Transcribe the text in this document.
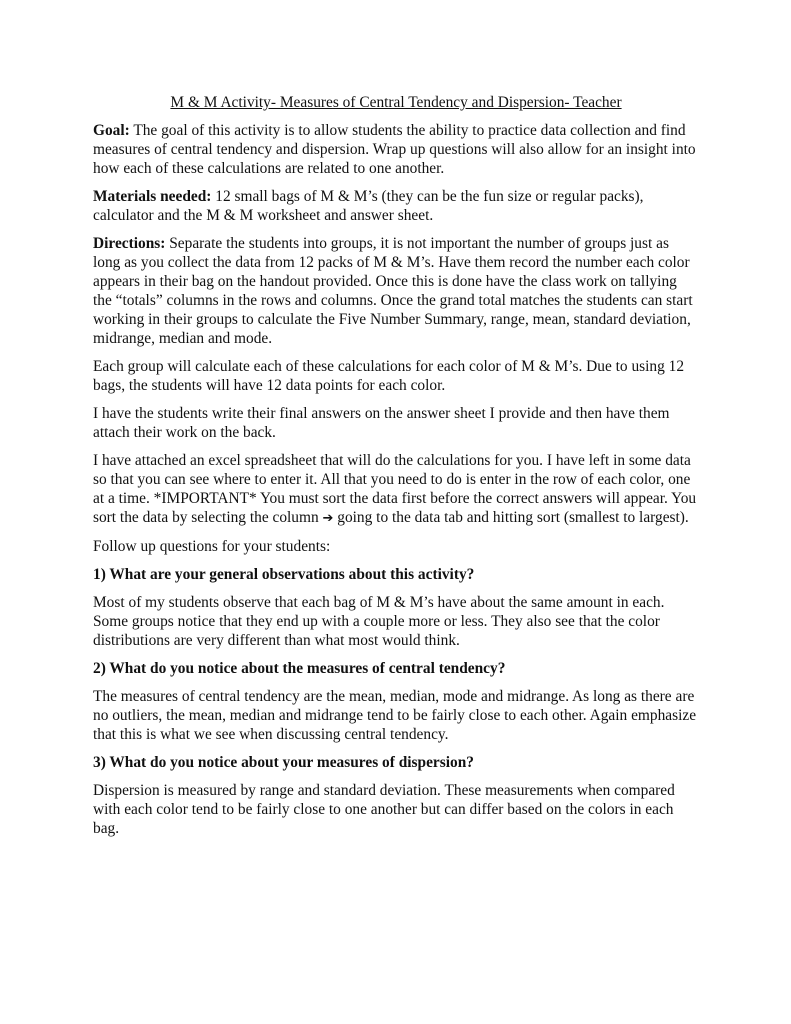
M & M Activity- Measures of Central Tendency and Dispersion- Teacher

Goal: The goal of this activity is to allow students the ability to practice data collection and find measures of central tendency and dispersion. Wrap up questions will also allow for an insight into how each of these calculations are related to one another.

Materials needed: 12 small bags of M & M’s (they can be the fun size or regular packs), calculator and the M & M worksheet and answer sheet.

Directions: Separate the students into groups, it is not important the number of groups just as long as you collect the data from 12 packs of M & M’s. Have them record the number each color appears in their bag on the handout provided. Once this is done have the class work on tallying the “totals” columns in the rows and columns. Once the grand total matches the students can start working in their groups to calculate the Five Number Summary, range, mean, standard deviation, midrange, median and mode.

Each group will calculate each of these calculations for each color of M & M’s. Due to using 12 bags, the students will have 12 data points for each color.

I have the students write their final answers on the answer sheet I provide and then have them attach their work on the back.

I have attached an excel spreadsheet that will do the calculations for you. I have left in some data so that you can see where to enter it. All that you need to do is enter in the row of each color, one at a time. *IMPORTANT* You must sort the data first before the correct answers will appear. You sort the data by selecting the column ➔ going to the data tab and hitting sort (smallest to largest).

Follow up questions for your students:

1) What are your general observations about this activity?

Most of my students observe that each bag of M & M’s have about the same amount in each. Some groups notice that they end up with a couple more or less. They also see that the color distributions are very different than what most would think.

2) What do you notice about the measures of central tendency?

The measures of central tendency are the mean, median, mode and midrange. As long as there are no outliers, the mean, median and midrange tend to be fairly close to each other. Again emphasize that this is what we see when discussing central tendency.

3) What do you notice about your measures of dispersion?

Dispersion is measured by range and standard deviation. These measurements when compared with each color tend to be fairly close to one another but can differ based on the colors in each bag.
